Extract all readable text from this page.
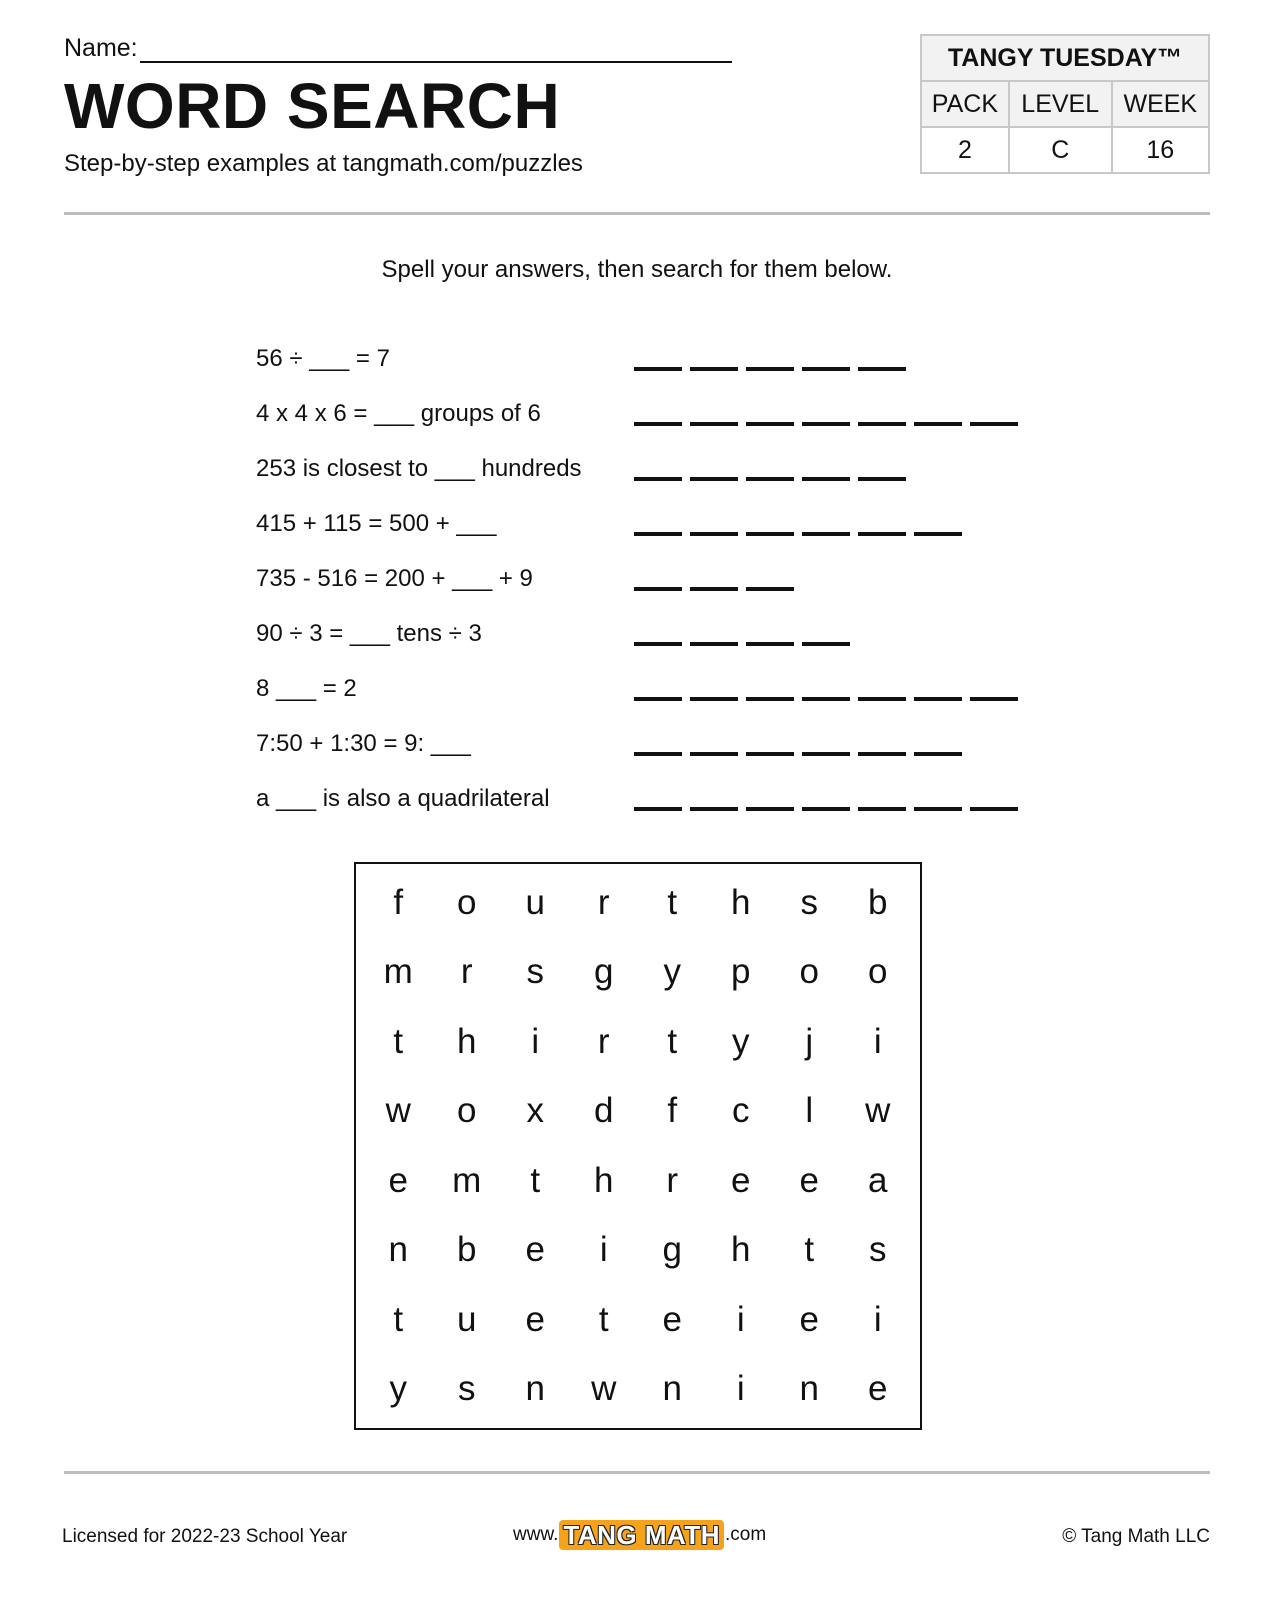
Name:
WORD SEARCH
Step-by-step examples at tangmath.com/puzzles
TANGY TUESDAY™		
PACK	LEVEL	WEEK
2	C	16
Spell your answers, then search for them below.
56 ÷ ___ = 7
4 x 4 x 6 = ___ groups of 6
253 is closest to ___ hundreds
415 + 115 = 500 + ___
735 - 516 = 200 + ___ + 9
90 ÷ 3 = ___ tens ÷ 3
8 ___ = 2
7:50 + 1:30 = 9: ___
a ___ is also a quadrilateral
f	o	u	r	t	h	s	b
m	r	s	g	y	p	o	o
t	h	i	r	t	y	j	i
w	o	x	d	f	c	l	w
e	m	t	h	r	e	e	a
n	b	e	i	g	h	t	s
t	u	e	t	e	i	e	i
y	s	n	w	n	i	n	e
Licensed for 2022-23 School Year	www. TANG MATH .com	© Tang Math LLC
